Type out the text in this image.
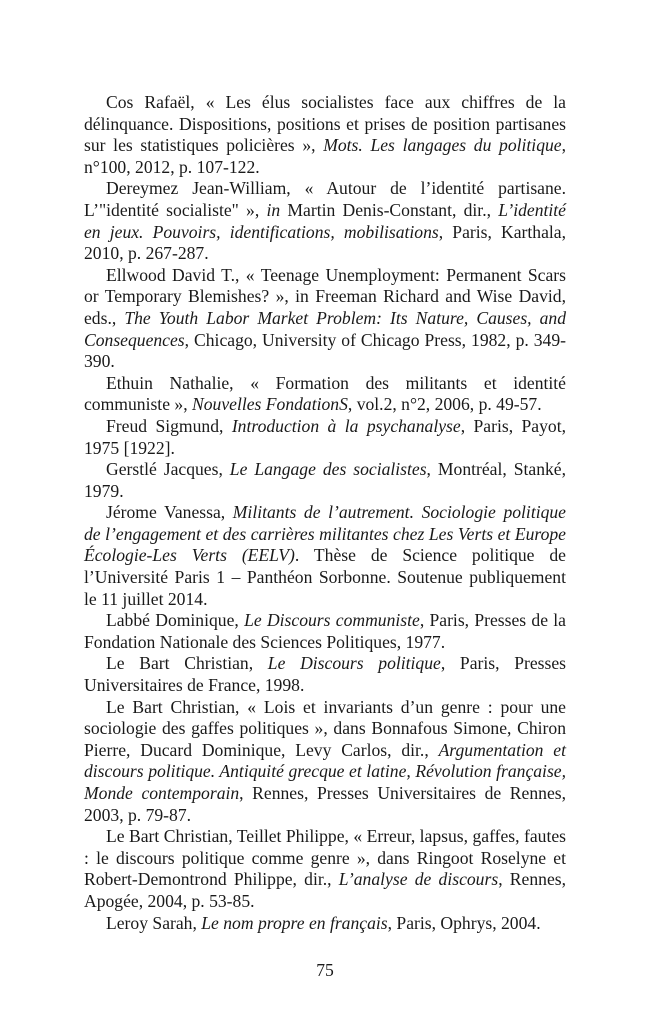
Cos Rafaël, « Les élus socialistes face aux chiffres de la délinquance. Dispositions, positions et prises de position partisanes sur les statistiques policières », Mots. Les langages du politique, n°100, 2012, p. 107-122.

Dereymez Jean-William, « Autour de l’identité partisane. L’"identité socialiste" », in Martin Denis-Constant, dir., L’identité en jeux. Pouvoirs, identifications, mobilisations, Paris, Karthala, 2010, p. 267-287.

Ellwood David T., « Teenage Unemployment: Permanent Scars or Temporary Blemishes? », in Freeman Richard and Wise David, eds., The Youth Labor Market Problem: Its Nature, Causes, and Consequences, Chicago, University of Chicago Press, 1982, p. 349-390.

Ethuin Nathalie, « Formation des militants et identité communiste », Nouvelles FondationS, vol.2, n°2, 2006, p. 49-57.

Freud Sigmund, Introduction à la psychanalyse, Paris, Payot, 1975 [1922].

Gerstlé Jacques, Le Langage des socialistes, Montréal, Stanké, 1979.

Jérome Vanessa, Militants de l’autrement. Sociologie politique de l’engagement et des carrières militantes chez Les Verts et Europe Écologie-Les Verts (EELV). Thèse de Science politique de l’Université Paris 1 – Panthéon Sorbonne. Soutenue publiquement le 11 juillet 2014.

Labbé Dominique, Le Discours communiste, Paris, Presses de la Fondation Nationale des Sciences Politiques, 1977.

Le Bart Christian, Le Discours politique, Paris, Presses Universitaires de France, 1998.

Le Bart Christian, « Lois et invariants d’un genre : pour une sociologie des gaffes politiques », dans Bonnafous Simone, Chiron Pierre, Ducard Dominique, Levy Carlos, dir., Argumentation et discours politique. Antiquité grecque et latine, Révolution française, Monde contemporain, Rennes, Presses Universitaires de Rennes, 2003, p. 79-87.

Le Bart Christian, Teillet Philippe, « Erreur, lapsus, gaffes, fautes : le discours politique comme genre », dans Ringoot Roselyne et Robert-Demontrond Philippe, dir., L’analyse de discours, Rennes, Apogée, 2004, p. 53-85.

Leroy Sarah, Le nom propre en français, Paris, Ophrys, 2004.

75
